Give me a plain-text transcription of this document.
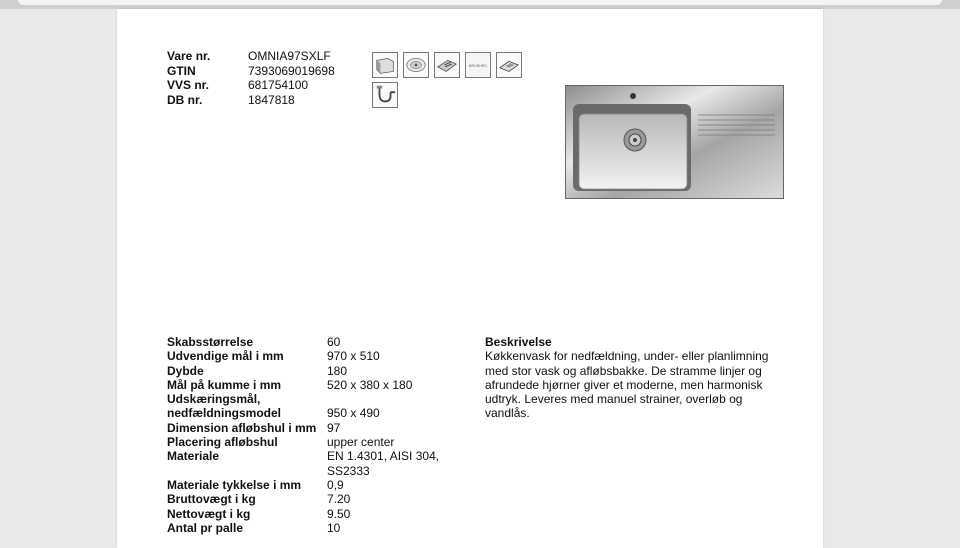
Vare nr.	OMNIA97SXLF
GTIN	7393069019698
VVS nr.	681754100
DB nr.	1847818
BRUSHED
Skabsstørrelse	60
Udvendige mål i mm	970 x 510
Dybde	180
Mål på kumme i mm	520 x 380 x 180
Udskæringsmål,
nedfældningsmodel	950 x 490
Dimension afløbshul i mm 97
Placering afløbshul	upper center
Materiale	EN 1.4301, AISI 304,
SS2333
Materiale tykkelse i mm	0,9
Bruttovægt i kg	7.20
Nettovægt i kg	9.50
Antal pr palle	10
Beskrivelse
Køkkenvask for nedfældning, under- eller planlimning
med stor vask og afløbsbakke. De stramme linjer og
afrundede hjørner giver et moderne, men harmonisk
udtryk. Leveres med manuel strainer, overløb og
vandlås.
